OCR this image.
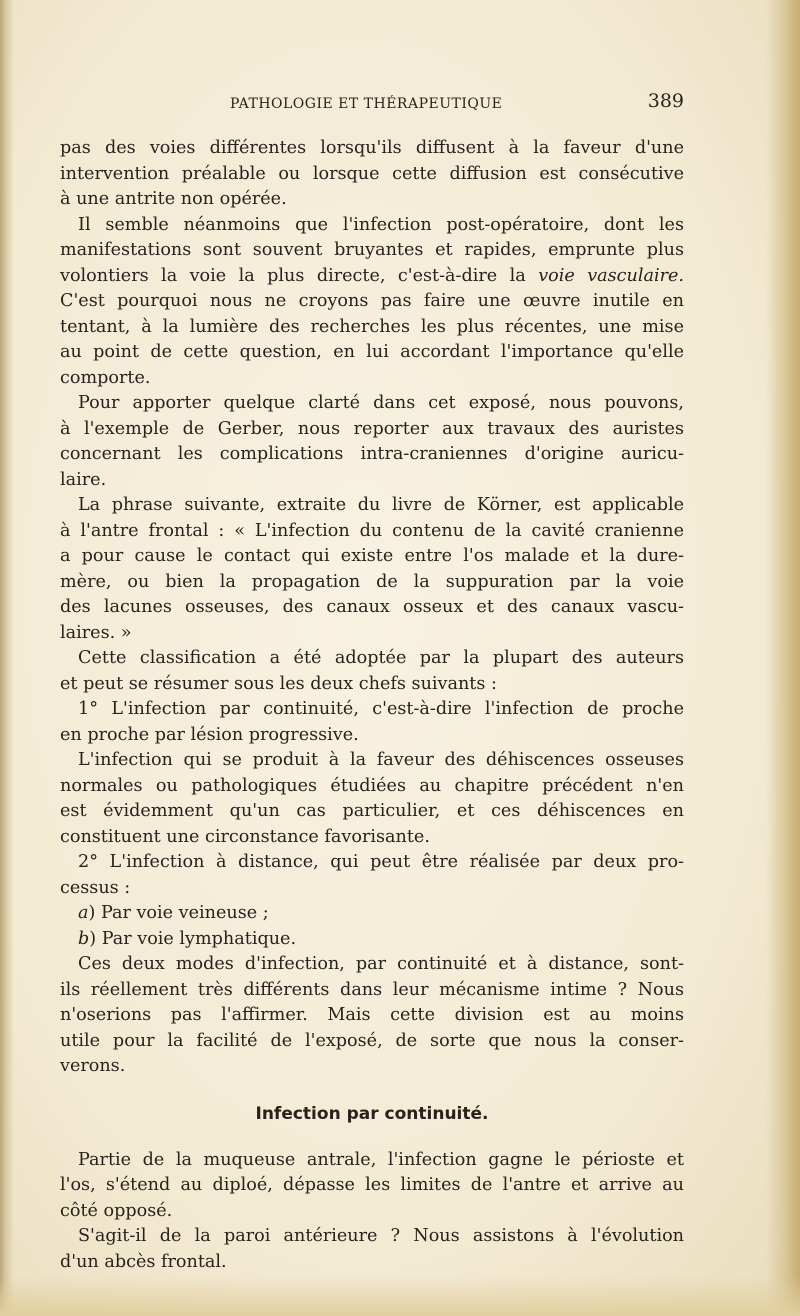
PATHOLOGIE ET THÉRAPEUTIQUE	389
pas des voies différentes lorsqu'ils diffusent à la faveur d'une
intervention préalable ou lorsque cette diffusion est consécutive
à une antrite non opérée.
Il semble néanmoins que l'infection post-opératoire, dont les
manifestations sont souvent bruyantes et rapides, emprunte plus
volontiers la voie la plus directe, c'est-à-dire la voie vasculaire.
C'est pourquoi nous ne croyons pas faire une œuvre inutile en
tentant, à la lumière des recherches les plus récentes, une mise
au point de cette question, en lui accordant l'importance qu'elle
comporte.
Pour apporter quelque clarté dans cet exposé, nous pouvons,
à l'exemple de Gerber, nous reporter aux travaux des auristes
concernant les complications intra-craniennes d'origine auricu-
laire.
La phrase suivante, extraite du livre de Körner, est applicable
à l'antre frontal : « L'infection du contenu de la cavité cranienne
a pour cause le contact qui existe entre l'os malade et la dure-
mère, ou bien la propagation de la suppuration par la voie
des lacunes osseuses, des canaux osseux et des canaux vascu-
laires. »
Cette classification a été adoptée par la plupart des auteurs
et peut se résumer sous les deux chefs suivants :
1° L'infection par continuité, c'est-à-dire l'infection de proche
en proche par lésion progressive.
L'infection qui se produit à la faveur des déhiscences osseuses
normales ou pathologiques étudiées au chapitre précédent n'en
est évidemment qu'un cas particulier, et ces déhiscences en
constituent une circonstance favorisante.
2° L'infection à distance, qui peut être réalisée par deux pro-
cessus :
a) Par voie veineuse ;
b) Par voie lymphatique.
Ces deux modes d'infection, par continuité et à distance, sont-
ils réellement très différents dans leur mécanisme intime ? Nous
n'oserions pas l'affirmer. Mais cette division est au moins
utile pour la facilité de l'exposé, de sorte que nous la conser-
verons.
Infection par continuité.
Partie de la muqueuse antrale, l'infection gagne le périoste et
l'os, s'étend au diploé, dépasse les limites de l'antre et arrive au
côté opposé.
S'agit-il de la paroi antérieure ? Nous assistons à l'évolution
d'un abcès frontal.
